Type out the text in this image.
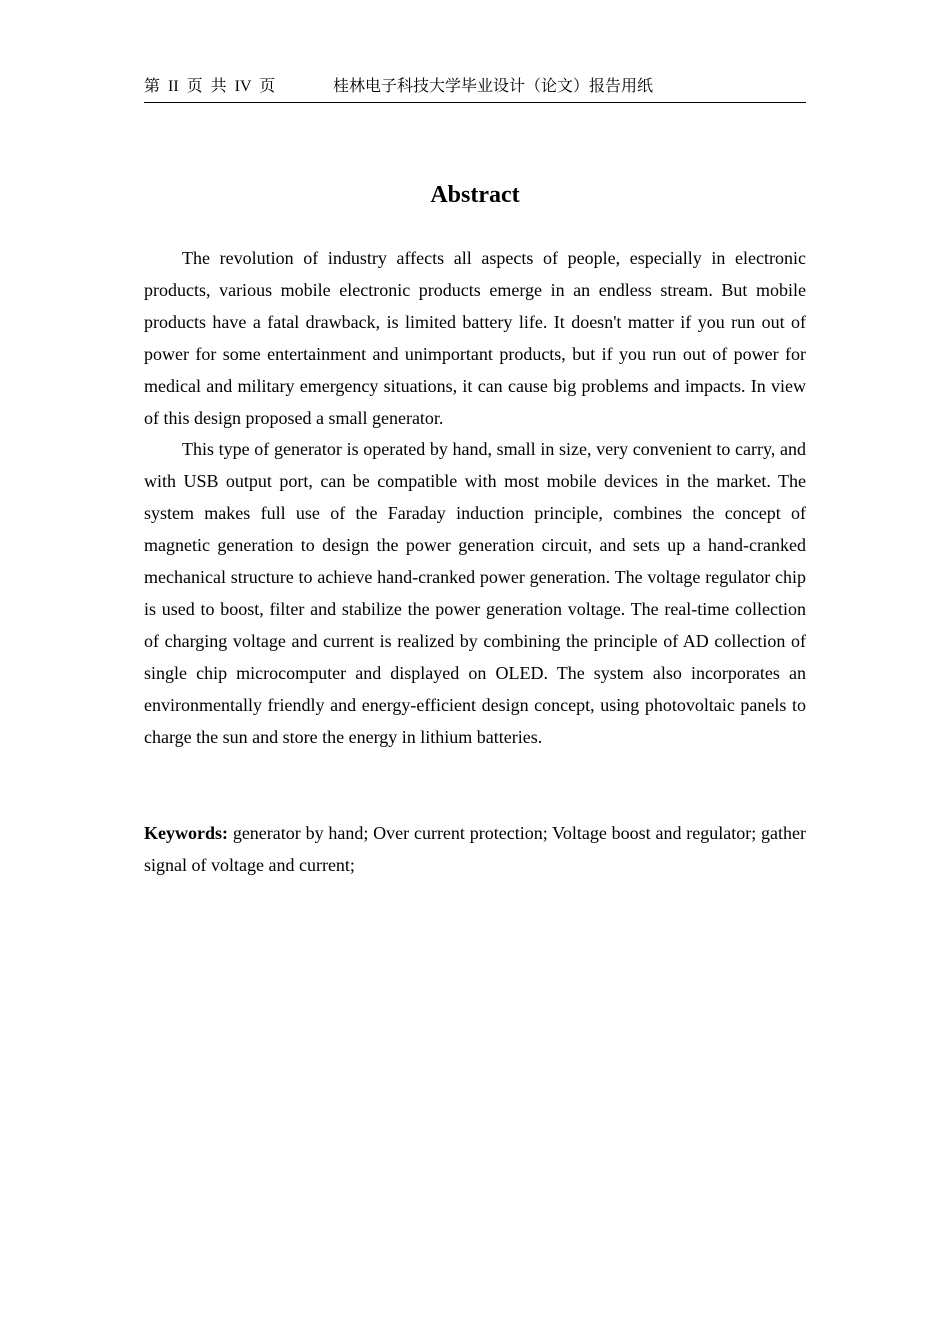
第 II 页 共 IV 页	桂林电子科技大学毕业设计（论文）报告用纸
Abstract

The revolution of industry affects all aspects of people, especially in electronic products, various mobile electronic products emerge in an endless stream. But mobile products have a fatal drawback, is limited battery life. It doesn't matter if you run out of power for some entertainment and unimportant products, but if you run out of power for medical and military emergency situations, it can cause big problems and impacts. In view of this design proposed a small generator.

This type of generator is operated by hand, small in size, very convenient to carry, and with USB output port, can be compatible with most mobile devices in the market. The system makes full use of the Faraday induction principle, combines the concept of magnetic generation to design the power generation circuit, and sets up a hand-cranked mechanical structure to achieve hand-cranked power generation. The voltage regulator chip is used to boost, filter and stabilize the power generation voltage. The real-time collection of charging voltage and current is realized by combining the principle of AD collection of single chip microcomputer and displayed on OLED. The system also incorporates an environmentally friendly and energy-efficient design concept, using photovoltaic panels to charge the sun and store the energy in lithium batteries.

Keywords: generator by hand; Over current protection; Voltage boost and regulator; gather signal of voltage and current;
